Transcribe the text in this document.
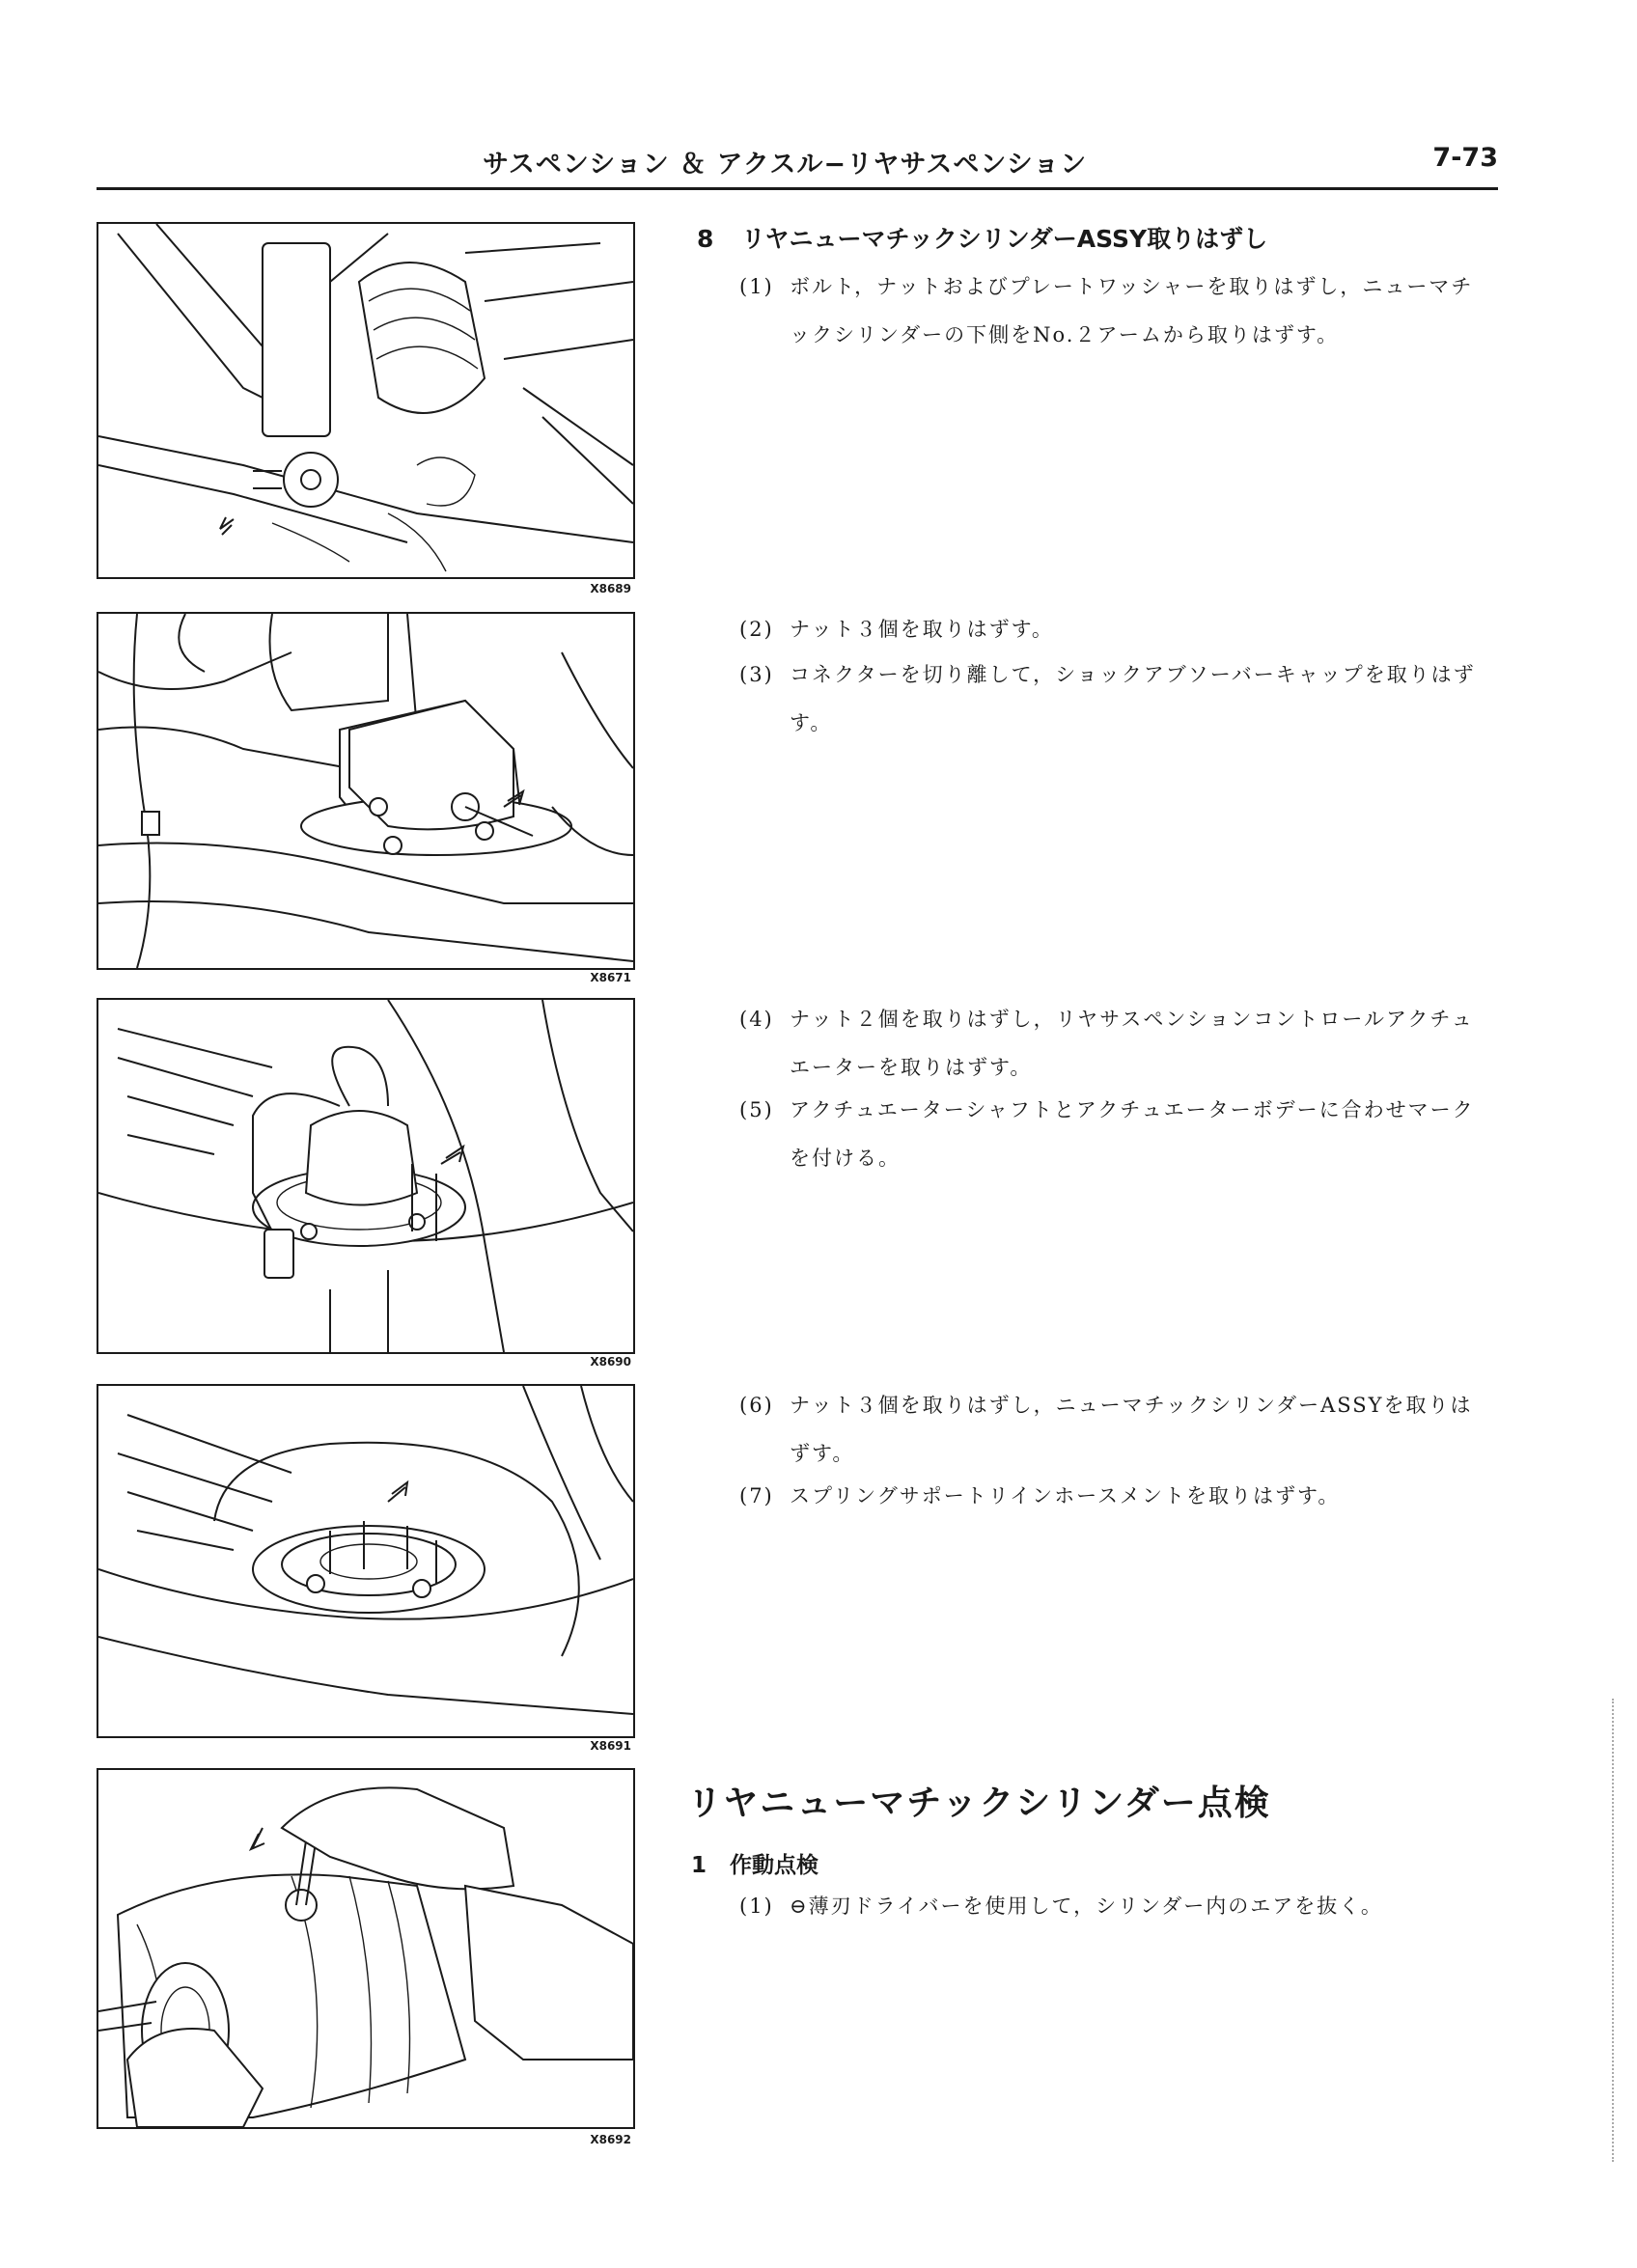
サスペンション ＆ アクスル−リヤサスペンション	7-73
X8689
X8671
X8690
X8691
X8692
8 リヤニューマチックシリンダーASSY取りはずし
(1) ボルト，ナットおよびプレートワッシャーを取りはずし，ニューマチックシリンダーの下側をNo.２アームから取りはずす。
(2) ナット３個を取りはずす。
(3) コネクターを切り離して，ショックアブソーバーキャップを取りはずす。
(4) ナット２個を取りはずし，リヤサスペンションコントロールアクチュエーターを取りはずす。
(5) アクチュエーターシャフトとアクチュエーターボデーに合わせマークを付ける。
(6) ナット３個を取りはずし，ニューマチックシリンダーASSYを取りはずす。
(7) スプリングサポートリインホースメントを取りはずす。
リヤニューマチックシリンダー点検
1 作動点検
(1) ⊖薄刃ドライバーを使用して，シリンダー内のエアを抜く。
